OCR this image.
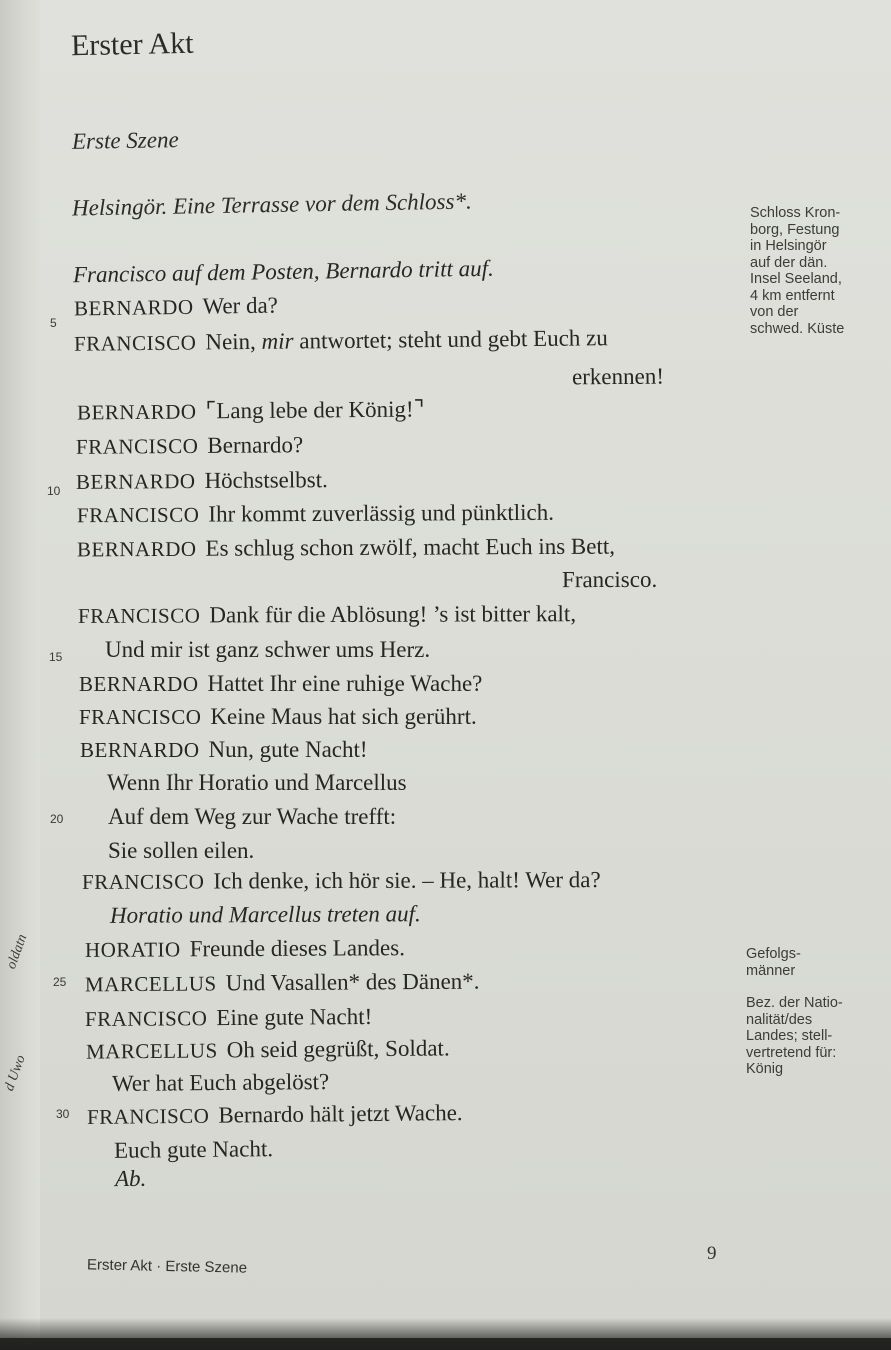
oldatn
d Uwo
Erster Akt
Erste Szene
Helsingör. Eine Terrasse vor dem Schloss*.
Francisco auf dem Posten, Bernardo tritt auf.
BERNARDO Wer da?
FRANCISCO Nein, mir antwortet; steht und gebt Euch zu
erkennen!
BERNARDO ⌜Lang lebe der König!⌝
FRANCISCO Bernardo?
BERNARDO Höchstselbst.
FRANCISCO Ihr kommt zuverlässig und pünktlich.
BERNARDO Es schlug schon zwölf, macht Euch ins Bett,
Francisco.
FRANCISCO Dank für die Ablösung! ’s ist bitter kalt,
Und mir ist ganz schwer ums Herz.
BERNARDO Hattet Ihr eine ruhige Wache?
FRANCISCO Keine Maus hat sich gerührt.
BERNARDO Nun, gute Nacht!
Wenn Ihr Horatio und Marcellus
Auf dem Weg zur Wache trefft:
Sie sollen eilen.
FRANCISCO Ich denke, ich hör sie. – He, halt! Wer da?
Horatio und Marcellus treten auf.
HORATIO Freunde dieses Landes.
MARCELLUS Und Vasallen* des Dänen*.
FRANCISCO Eine gute Nacht!
MARCELLUS Oh seid gegrüßt, Soldat.
Wer hat Euch abgelöst?
FRANCISCO Bernardo hält jetzt Wache.
Euch gute Nacht.
Ab.
5
10
15
20
25
30
Schloss Kron-
borg, Festung
in Helsingör
auf der dän.
Insel Seeland,
4 km entfernt
von der
schwed. Küste
Gefolgs-
männer
Bez. der Natio-
nalität/des
Landes; stell-
vertretend für:
König
Erster Akt · Erste Szene
9
